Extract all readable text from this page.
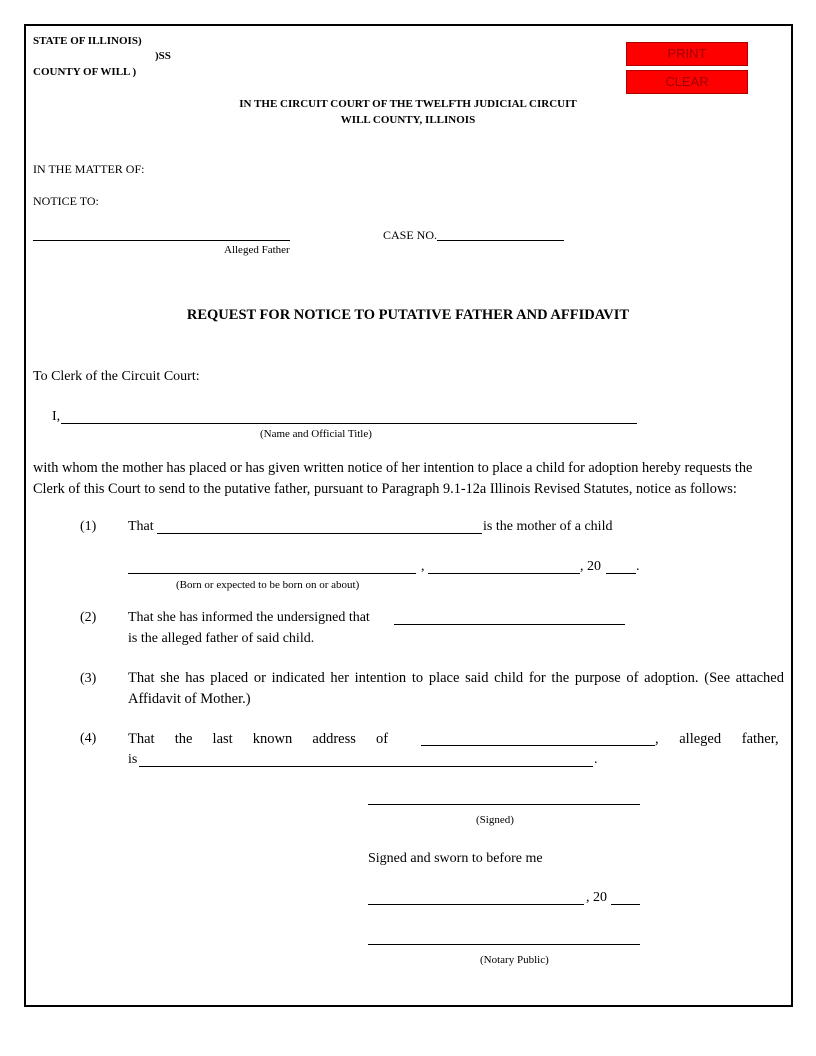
PRINT
CLEAR
STATE OF ILLINOIS)
)SS
COUNTY OF WILL )
IN THE CIRCUIT COURT OF THE TWELFTH JUDICIAL CIRCUIT
WILL COUNTY, ILLINOIS
IN THE MATTER OF:
NOTICE TO:
Alleged Father
CASE NO.
REQUEST FOR NOTICE TO PUTATIVE FATHER AND AFFIDAVIT
To Clerk of the Circuit Court:
I,
(Name and Official Title)
with whom the mother has placed or has given written notice of her intention to place a child for adoption hereby requests the
Clerk of this Court to send to the putative father, pursuant to Paragraph 9.1-12a Illinois Revised Statutes, notice as follows:
(1) That	is the mother of a child
,	, 20	.
(Born or expected to be born on or about)
(2) That she has informed the undersigned that
is the alleged father of said child.
(3) That she has placed or indicated her intention to place said child for the purpose of adoption. (See attached Affidavit of Mother.)
(4) That the last known address of	, alleged father,
is	.
(Signed)
Signed and sworn to before me
, 20
(Notary Public)
